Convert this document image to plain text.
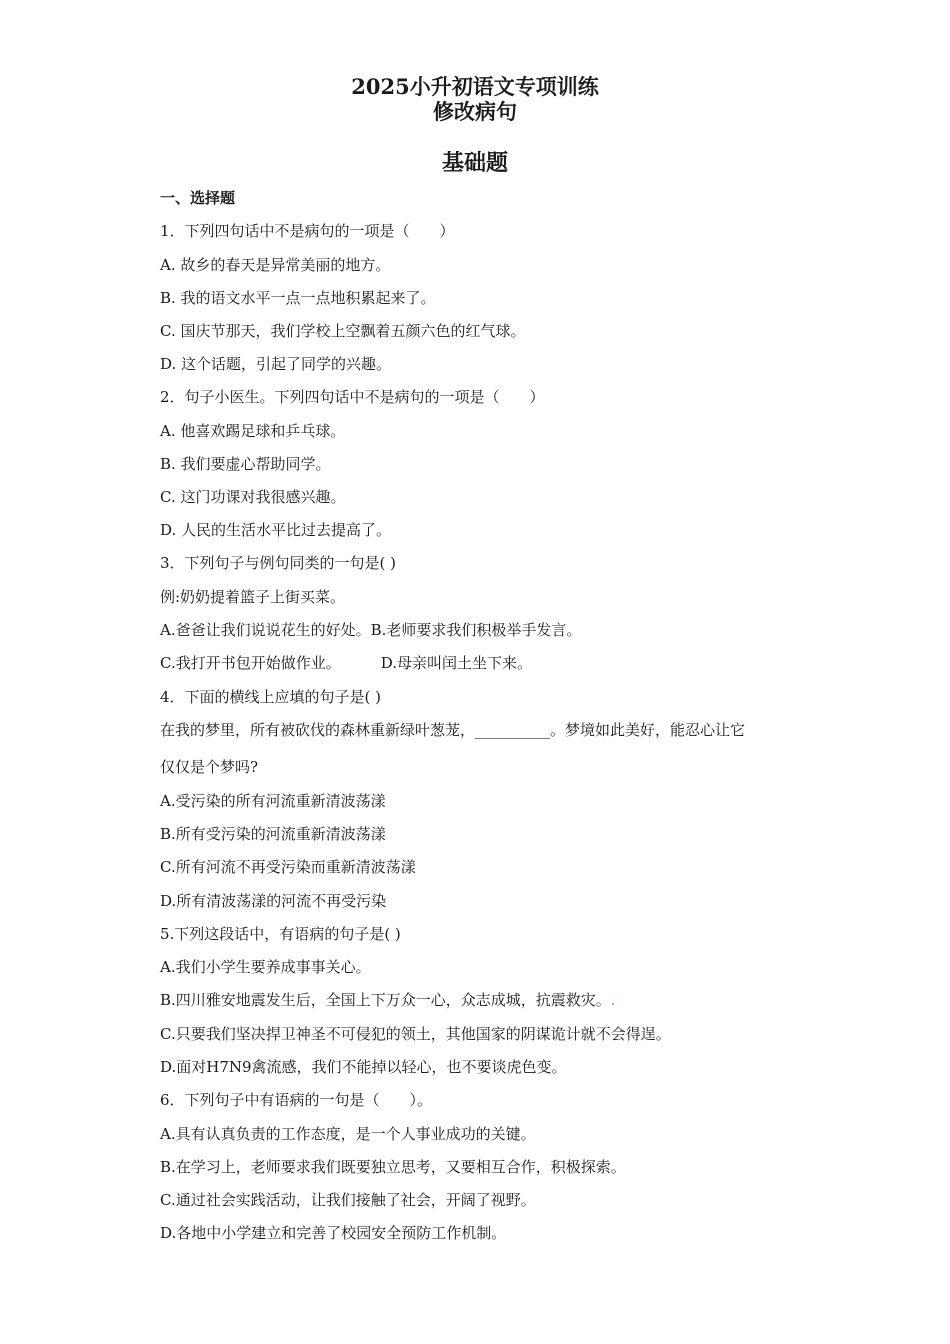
2025小升初语文专项训练
修改病句
基础题
一、选择题
1．下列四句话中不是病句的一项是（　　）
A. 故乡的春天是异常美丽的地方。
B. 我的语文水平一点一点地积累起来了。
C. 国庆节那天，我们学校上空飘着五颜六色的红气球。
D. 这个话题，引起了同学的兴趣。
2．句子小医生。下列四句话中不是病句的一项是（　　）
A. 他喜欢踢足球和乒乓球。
B. 我们要虚心帮助同学。
C. 这门功课对我很感兴趣。
D. 人民的生活水平比过去提高了。
3．下列句子与例句同类的一句是( )
例:奶奶提着篮子上街买菜。
A.爸爸让我们说说花生的好处。B.老师要求我们积极举手发言。
C.我打开书包开始做作业。	D.母亲叫闰土坐下来。
4．下面的横线上应填的句子是( )
在我的梦里，所有被砍伐的森林重新绿叶葱茏，__________。梦境如此美好，能忍心让它
仅仅是个梦吗?
A.受污染的所有河流重新清波荡漾
B.所有受污染的河流重新清波荡漾
C.所有河流不再受污染而重新清波荡漾
D.所有清波荡漾的河流不再受污染
5.下列这段话中，有语病的句子是( )
A.我们小学生要养成事事关心。
B.四川雅安地震发生后，全国上下万众一心，众志成城，抗震救灾。.
C.只要我们坚决捍卫神圣不可侵犯的领土，其他国家的阴谋诡计就不会得逞。
D.面对H7N9禽流感，我们不能掉以轻心，也不要谈虎色变。
6．下列句子中有语病的一句是（　　）。
A.具有认真负责的工作态度，是一个人事业成功的关键。
B.在学习上，老师要求我们既要独立思考，又要相互合作，积极探索。
C.通过社会实践活动，让我们接触了社会，开阔了视野。
D.各地中小学建立和完善了校园安全预防工作机制。
